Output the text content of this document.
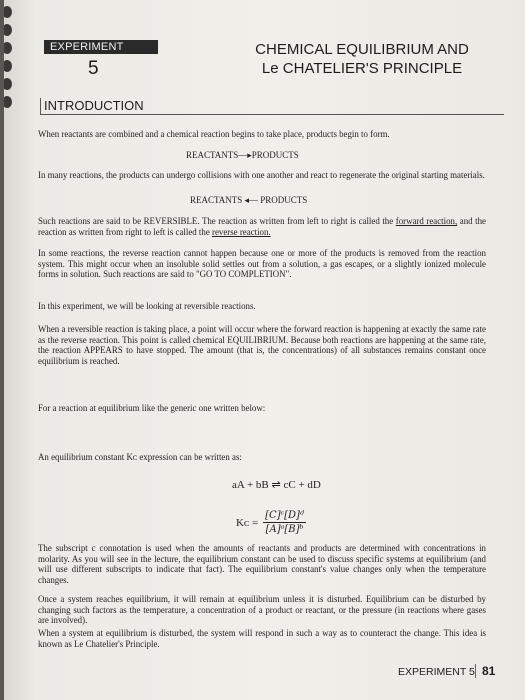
EXPERIMENT
5
CHEMICAL EQUILIBRIUM AND
Le CHATELIER'S PRINCIPLE
INTRODUCTION
When reactants are combined and a chemical reaction begins to take place, products begin to form.
REACTANTS—▸PRODUCTS
In many reactions, the products can undergo collisions with one another and react to regenerate the original starting materials.
REACTANTS ◂— PRODUCTS
Such reactions are said to be REVERSIBLE. The reaction as written from left to right is called the forward reaction, and the reaction as written from right to left is called the reverse reaction.
In some reactions, the reverse reaction cannot happen because one or more of the products is removed from the reaction system. This might occur when an insoluble solid settles out from a solution, a gas escapes, or a slightly ionized molecule forms in solution. Such reactions are said to "GO TO COMPLETION".
In this experiment, we will be looking at reversible reactions.
When a reversible reaction is taking place, a point will occur where the forward reaction is happening at exactly the same rate as the reverse reaction. This point is called chemical EQUILIBRIUM. Because both reactions are happening at the same rate, the reaction APPEARS to have stopped. The amount (that is, the concentrations) of all substances remains constant once equilibrium is reached.
For a reaction at equilibrium like the generic one written below:
aA + bB ⇌ cC + dD
An equilibrium constant Kᴄ expression can be written as:
Kᴄ = $\frac{\text{[C]ᶜ[D]ᵈ}}{\text{[A]ᵃ[B]ᵇ}}$
The subscript c connotation is used when the amounts of reactants and products are determined with concentrations in molarity. As you will see in the lecture, the equilibrium constant can be used to discuss specific systems at equilibrium (and will use different subscripts to indicate that fact). The equilibrium constant's value changes only when the temperature changes.
Once a system reaches equilibrium, it will remain at equilibrium unless it is disturbed. Equilibrium can be disturbed by changing such factors as the temperature, a concentration of a product or reactant, or the pressure (in reactions where gases are involved).
When a system at equilibrium is disturbed, the system will respond in such a way as to counteract the change. This idea is known as Le Chatelier's Principle.
EXPERIMENT 5 81
